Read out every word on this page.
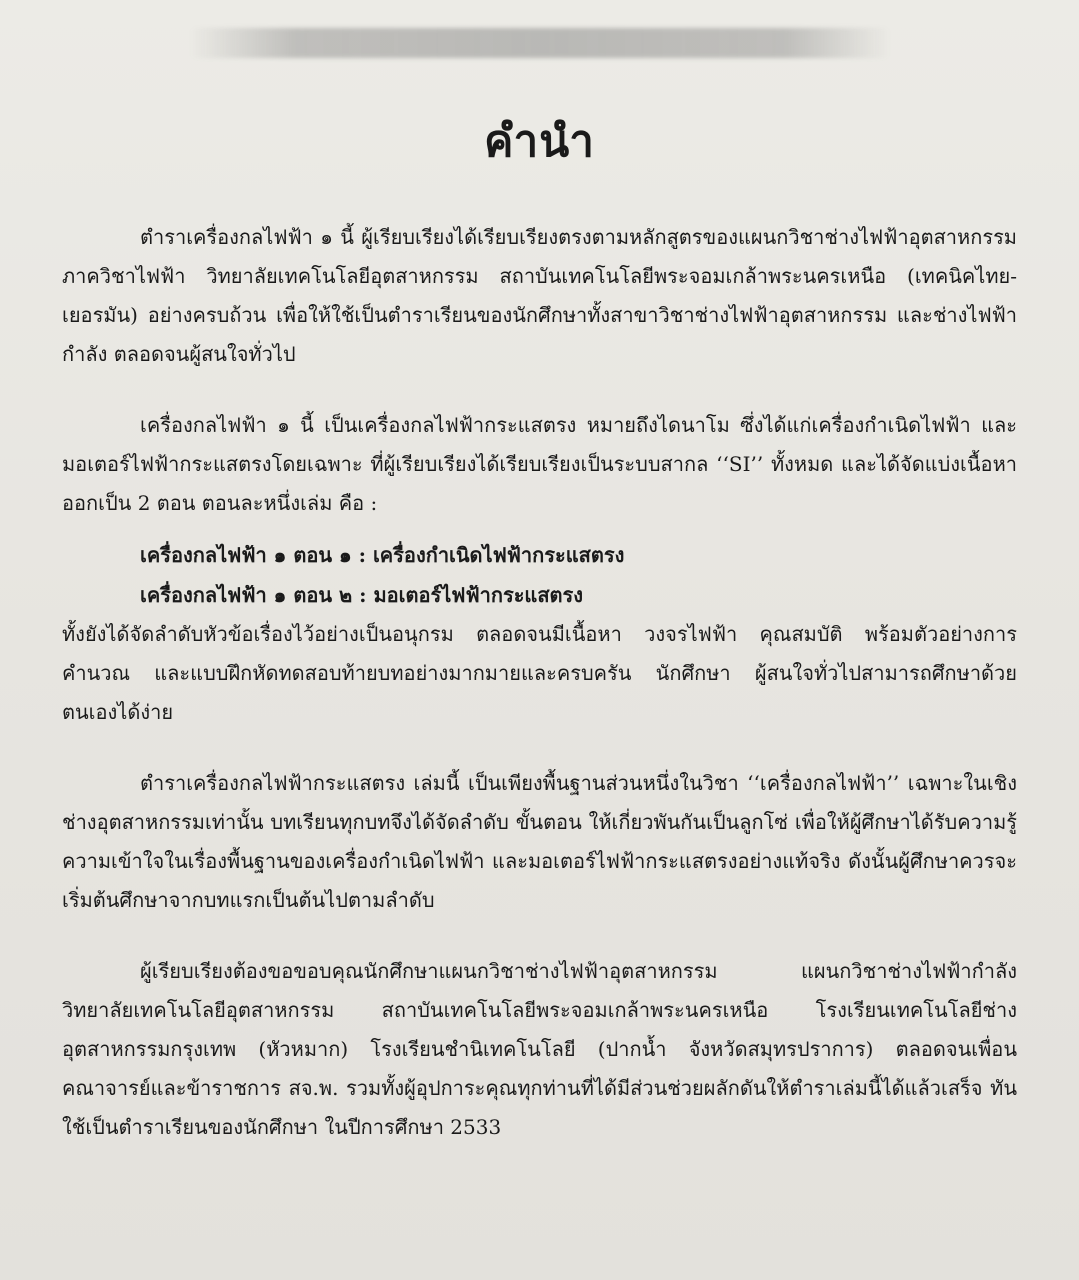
คำนำ

ตำราเครื่องกลไฟฟ้า ๑ นี้ ผู้เรียบเรียงได้เรียบเรียงตรงตามหลักสูตรของแผนกวิชาช่างไฟฟ้าอุตสาหกรรม ภาควิชาไฟฟ้า วิทยาลัยเทคโนโลยีอุตสาหกรรม สถาบันเทคโนโลยีพระจอมเกล้าพระนครเหนือ (เทคนิคไทย- เยอรมัน) อย่างครบถ้วน เพื่อให้ใช้เป็นตำราเรียนของนักศึกษาทั้งสาขาวิชาช่างไฟฟ้าอุตสาหกรรม และช่างไฟฟ้ากำลัง ตลอดจนผู้สนใจทั่วไป

เครื่องกลไฟฟ้า ๑ นี้ เป็นเครื่องกลไฟฟ้ากระแสตรง หมายถึงไดนาโม ซึ่งได้แก่เครื่องกำเนิดไฟฟ้า และมอเตอร์ไฟฟ้ากระแสตรงโดยเฉพาะ ที่ผู้เรียบเรียงได้เรียบเรียงเป็นระบบสากล ‘‘SI’’ ทั้งหมด และได้จัดแบ่งเนื้อหาออกเป็น 2 ตอน ตอนละหนึ่งเล่ม คือ :

เครื่องกลไฟฟ้า ๑ ตอน ๑ : เครื่องกำเนิดไฟฟ้ากระแสตรง
เครื่องกลไฟฟ้า ๑ ตอน ๒ : มอเตอร์ไฟฟ้ากระแสตรง

ทั้งยังได้จัดลำดับหัวข้อเรื่องไว้อย่างเป็นอนุกรม ตลอดจนมีเนื้อหา วงจรไฟฟ้า คุณสมบัติ พร้อมตัวอย่างการคำนวณ และแบบฝึกหัดทดสอบท้ายบทอย่างมากมายและครบครัน นักศึกษา ผู้สนใจทั่วไปสามารถศึกษาด้วยตนเองได้ง่าย

ตำราเครื่องกลไฟฟ้ากระแสตรง เล่มนี้ เป็นเพียงพื้นฐานส่วนหนึ่งในวิชา ‘‘เครื่องกลไฟฟ้า’’ เฉพาะในเชิงช่างอุตสาหกรรมเท่านั้น บทเรียนทุกบทจึงได้จัดลำดับ ขั้นตอน ให้เกี่ยวพันกันเป็นลูกโซ่ เพื่อให้ผู้ศึกษาได้รับความรู้ ความเข้าใจในเรื่องพื้นฐานของเครื่องกำเนิดไฟฟ้า และมอเตอร์ไฟฟ้ากระแสตรงอย่างแท้จริง ดังนั้นผู้ศึกษาควรจะเริ่มต้นศึกษาจากบทแรกเป็นต้นไปตามลำดับ

ผู้เรียบเรียงต้องขอขอบคุณนักศึกษาแผนกวิชาช่างไฟฟ้าอุตสาหกรรม แผนกวิชาช่างไฟฟ้ากำลัง วิทยาลัยเทคโนโลยีอุตสาหกรรม สถาบันเทคโนโลยีพระจอมเกล้าพระนครเหนือ โรงเรียนเทคโนโลยีช่างอุตสาหกรรมกรุงเทพ (หัวหมาก) โรงเรียนชำนิเทคโนโลยี (ปากน้ำ จังหวัดสมุทรปราการ) ตลอดจนเพื่อนคณาจารย์และข้าราชการ สจ.พ. รวมทั้งผู้อุปการะคุณทุกท่านที่ได้มีส่วนช่วยผลักดันให้ตำราเล่มนี้ได้แล้วเสร็จ ทันใช้เป็นตำราเรียนของนักศึกษา ในปีการศึกษา 2533
